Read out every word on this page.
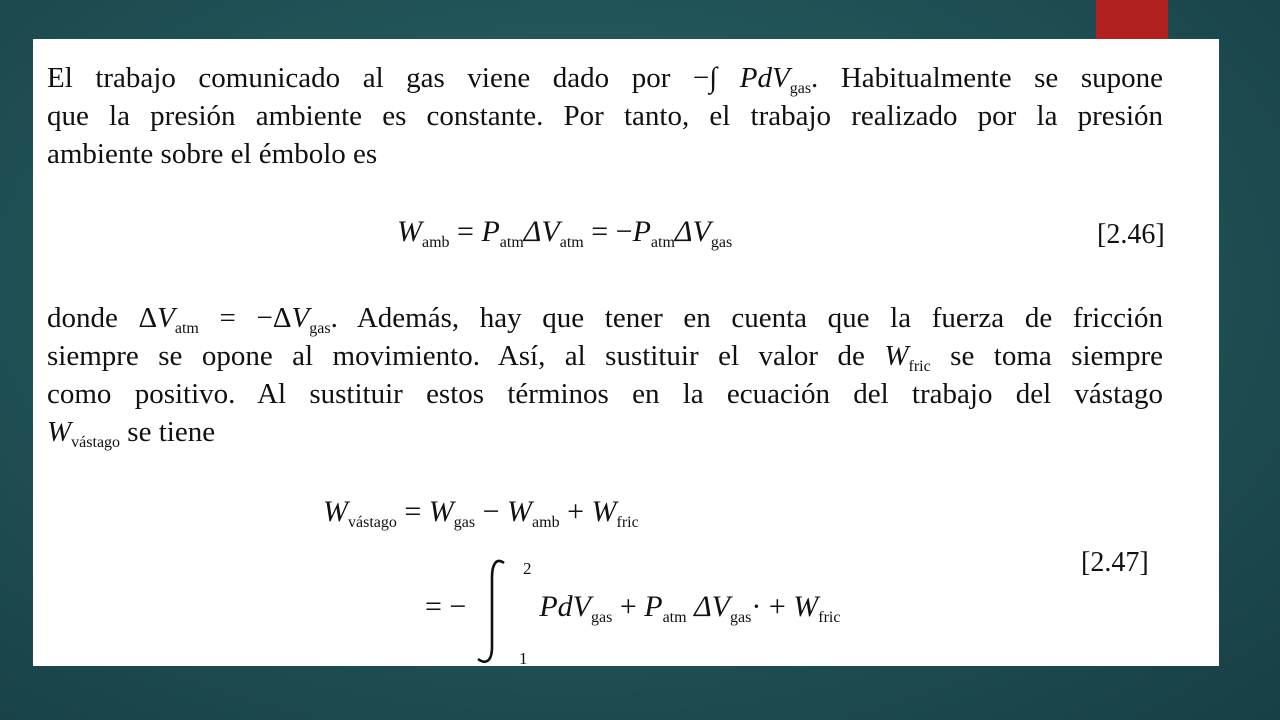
El trabajo comunicado al gas viene dado por −∫ PdV$_{gas}$. Habitualmente se supone
que la presión ambiente es constante. Por tanto, el trabajo realizado por la presión
ambiente sobre el émbolo es
$W_{amb} = P_{atm}\Delta V_{atm} = -P_{atm}\Delta V_{gas}$	[2.46]
donde $\Delta V_{atm} = -\Delta V_{gas}$. Además, hay que tener en cuenta que la fuerza de fricción
siempre se opone al movimiento. Así, al sustituir el valor de $W_{fric}$ se toma siempre
como positivo. Al sustituir estos términos en la ecuación del trabajo del vástago
$W_{vástago}$ se tiene
$W_{vástago} = W_{gas} - W_{amb} + W_{fric}$
= −

2
1
$PdV_{gas} + P_{atm}$ $\Delta V_{gas}\cdot + W_{fric}$
[2.47]
